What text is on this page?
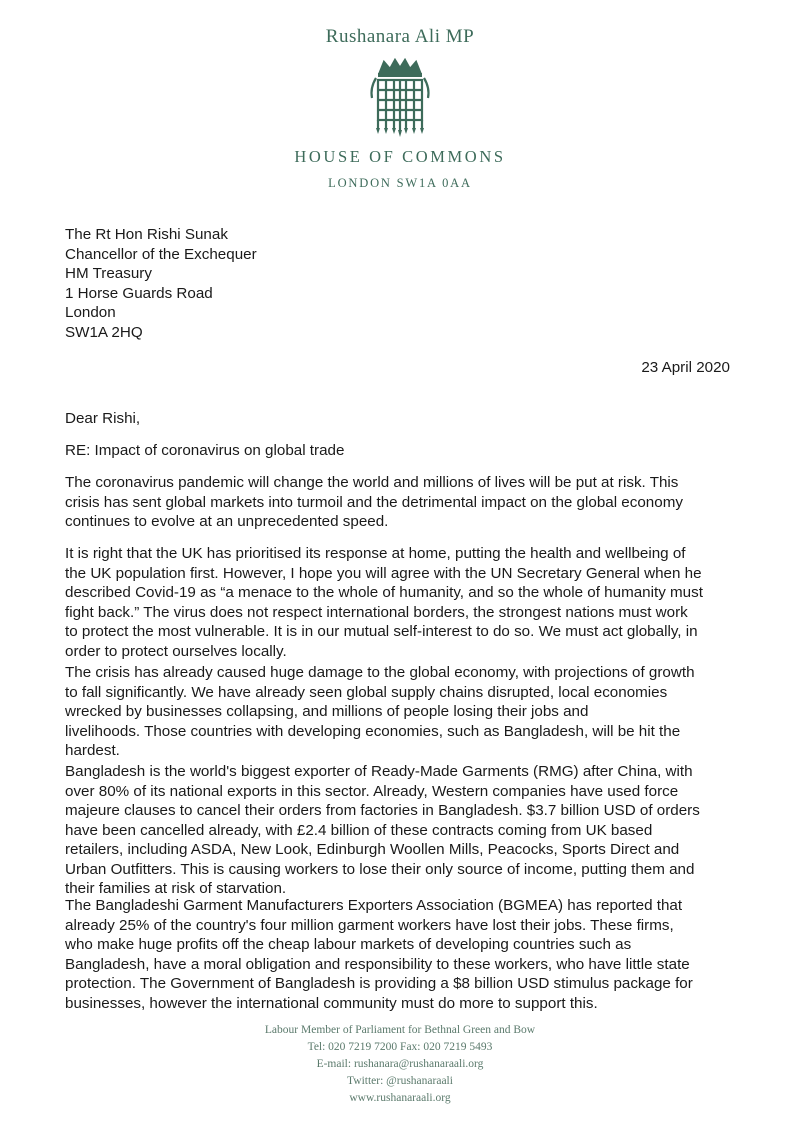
Rushanara Ali MP
HOUSE OF COMMONS
LONDON SW1A 0AA
The Rt Hon Rishi Sunak
Chancellor of the Exchequer
HM Treasury
1 Horse Guards Road
London
SW1A 2HQ
23 April 2020
Dear Rishi,
RE: Impact of coronavirus on global trade

The coronavirus pandemic will change the world and millions of lives will be put at risk. This
crisis has sent global markets into turmoil and the detrimental impact on the global economy
continues to evolve at an unprecedented speed.

It is right that the UK has prioritised its response at home, putting the health and wellbeing of
the UK population first. However, I hope you will agree with the UN Secretary General when he
described Covid-19 as “a menace to the whole of humanity, and so the whole of humanity must
fight back.” The virus does not respect international borders, the strongest nations must work
to protect the most vulnerable. It is in our mutual self-interest to do so. We must act globally, in
order to protect ourselves locally.

The crisis has already caused huge damage to the global economy, with projections of growth
to fall significantly. We have already seen global supply chains disrupted, local economies
wrecked by businesses collapsing, and millions of people losing their jobs and
livelihoods. Those countries with developing economies, such as Bangladesh, will be hit the
hardest.

Bangladesh is the world's biggest exporter of Ready-Made Garments (RMG) after China, with
over 80% of its national exports in this sector. Already, Western companies have used force
majeure clauses to cancel their orders from factories in Bangladesh. $3.7 billion USD of orders
have been cancelled already, with £2.4 billion of these contracts coming from UK based
retailers, including ASDA, New Look, Edinburgh Woollen Mills, Peacocks, Sports Direct and
Urban Outfitters. This is causing workers to lose their only source of income, putting them and
their families at risk of starvation.

The Bangladeshi Garment Manufacturers Exporters Association (BGMEA) has reported that
already 25% of the country's four million garment workers have lost their jobs. These firms,
who make huge profits off the cheap labour markets of developing countries such as
Bangladesh, have a moral obligation and responsibility to these workers, who have little state
protection. The Government of Bangladesh is providing a $8 billion USD stimulus package for
businesses, however the international community must do more to support this.

Labour Member of Parliament for Bethnal Green and Bow
Tel: 020 7219 7200 Fax: 020 7219 5493
E-mail: rushanara@rushanaraali.org
Twitter: @rushanaraali
www.rushanaraali.org
